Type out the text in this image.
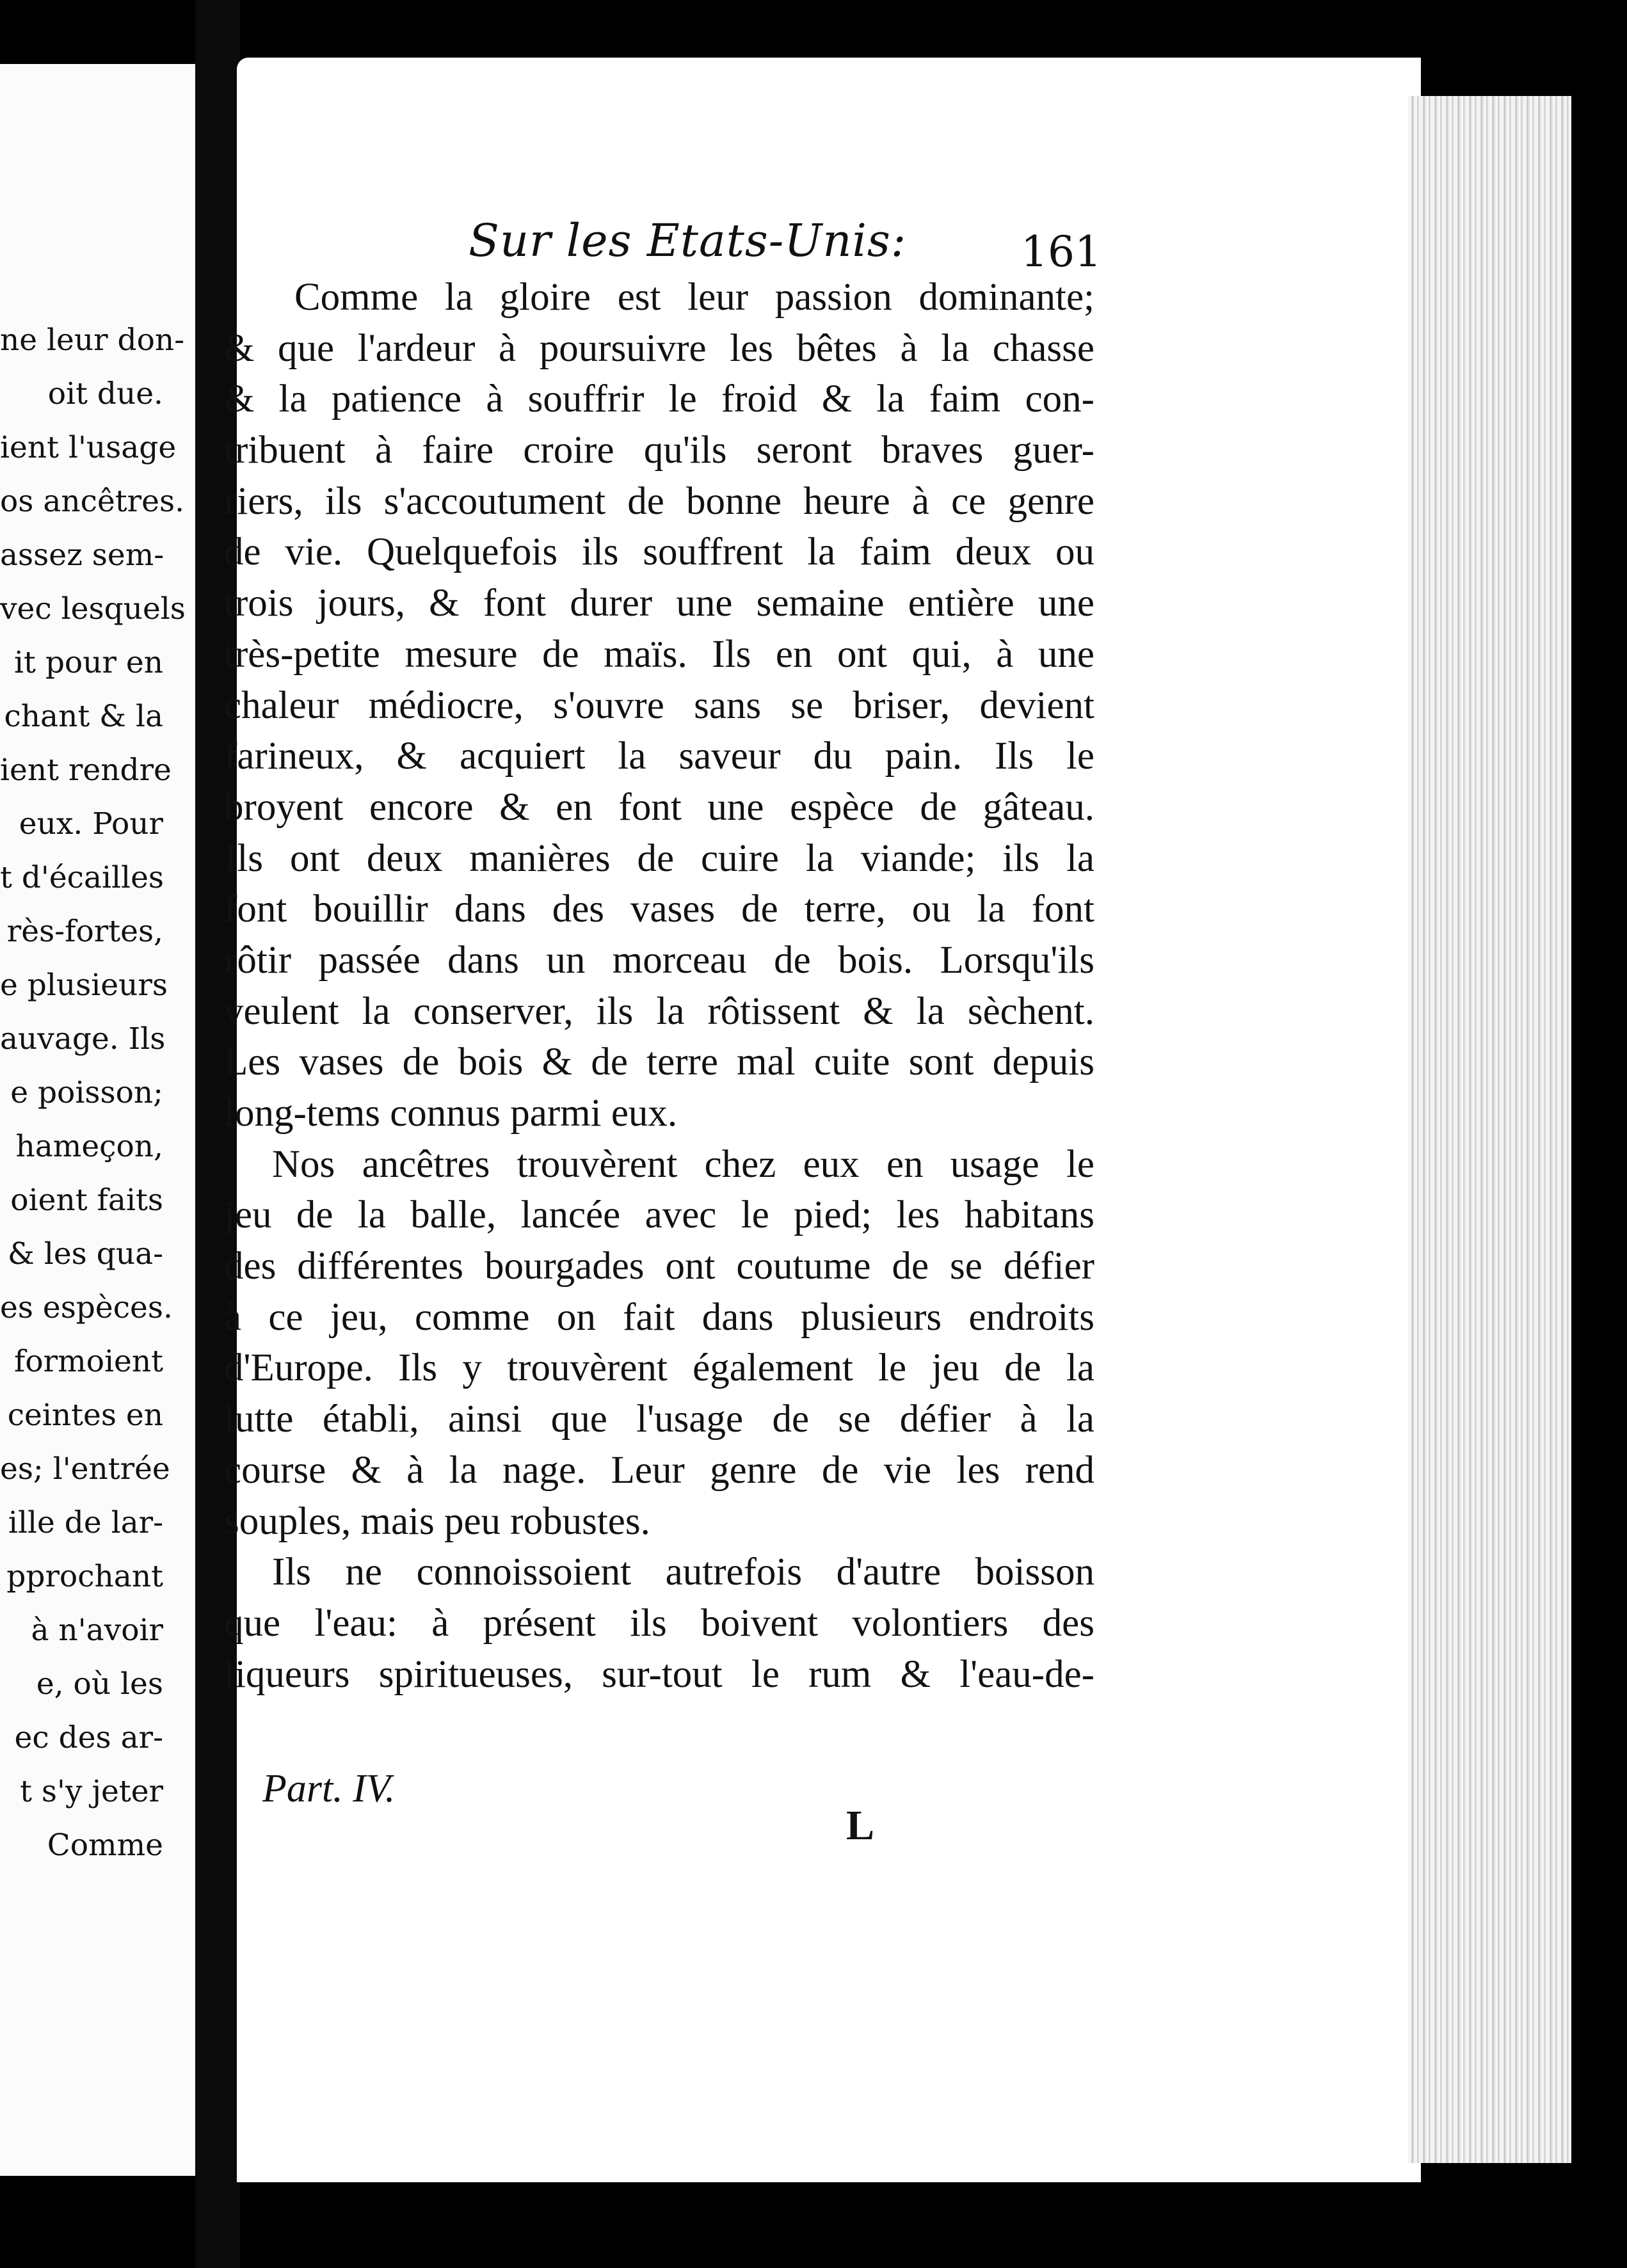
ne leur don-
oit due.
ient l'usage
os ancêtres.
assez sem-
vec lesquels
it pour en
chant & la
ient rendre
eux. Pour
t d'écailles
rès-fortes,
e plusieurs
auvage. Ils
e poisson;
hameçon,
oient faits
& les qua-
es espèces.
formoient
ceintes en
es; l'entrée
ille de lar-
pprochant
à n'avoir
e, où les
ec des ar-
t s'y jeter
Comme
Sur les Etats-Unis:	161
Comme la gloire est leur passion dominante;
& que l'ardeur à poursuivre les bêtes à la chasse
& la patience à souffrir le froid & la faim con-
tribuent à faire croire qu'ils seront braves guer-
riers, ils s'accoutument de bonne heure à ce genre
de vie. Quelquefois ils souffrent la faim deux ou
trois jours, & font durer une semaine entière une
très-petite mesure de maïs. Ils en ont qui, à une
chaleur médiocre, s'ouvre sans se briser, devient
farineux, & acquiert la saveur du pain. Ils le
broyent encore & en font une espèce de gâteau.
Ils ont deux manières de cuire la viande; ils la
font bouillir dans des vases de terre, ou la font
rôtir passée dans un morceau de bois. Lorsqu'ils
veulent la conserver, ils la rôtissent & la sèchent.
Les vases de bois & de terre mal cuite sont depuis
long-tems connus parmi eux.
Nos ancêtres trouvèrent chez eux en usage le
jeu de la balle, lancée avec le pied; les habitans
des différentes bourgades ont coutume de se défier
à ce jeu, comme on fait dans plusieurs endroits
d'Europe. Ils y trouvèrent également le jeu de la
lutte établi, ainsi que l'usage de se défier à la
course & à la nage. Leur genre de vie les rend
souples, mais peu robustes.
Ils ne connoissoient autrefois d'autre boisson
que l'eau: à présent ils boivent volontiers des
liqueurs spiritueuses, sur-tout le rum & l'eau-de-
Part. IV.
L
